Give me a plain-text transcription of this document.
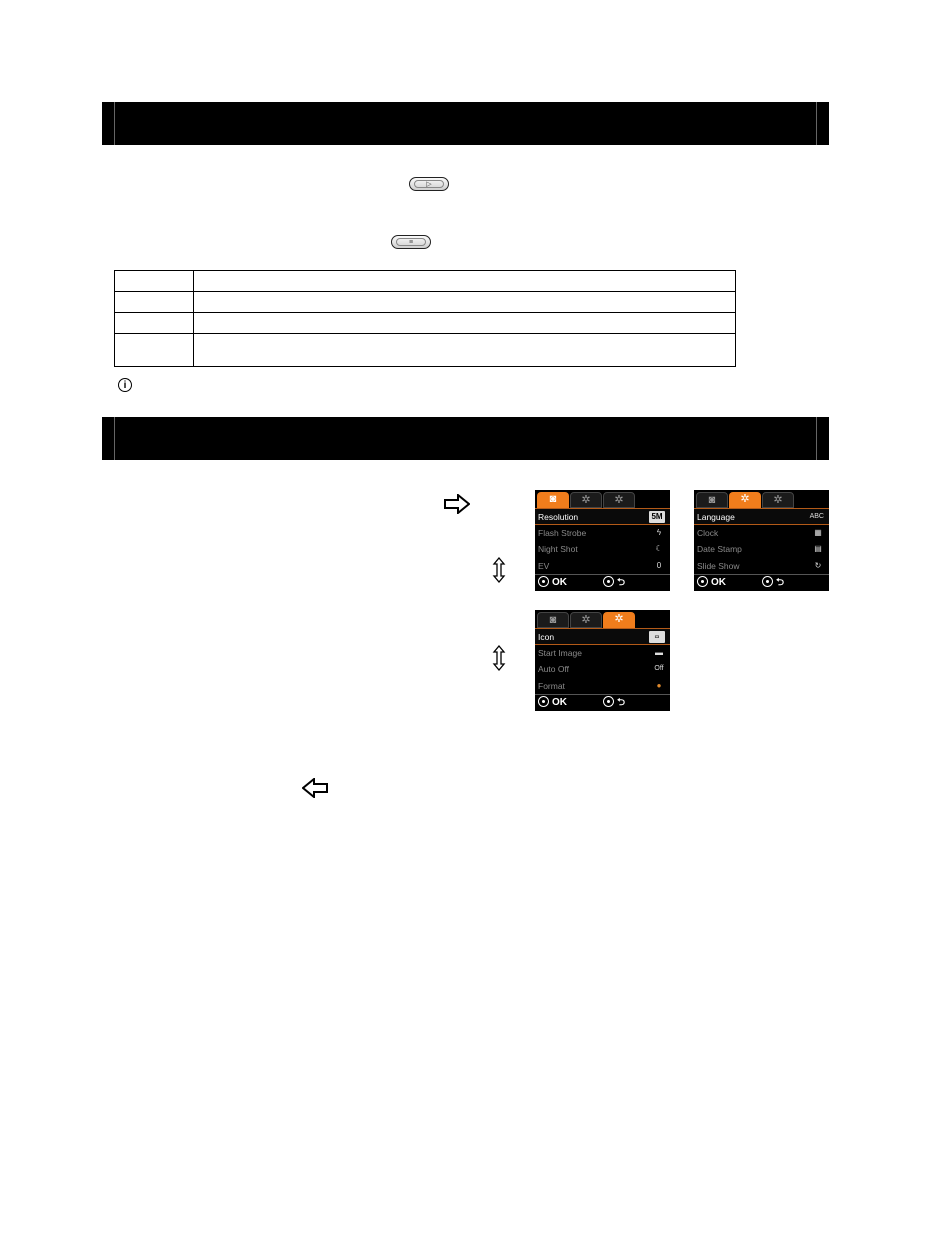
▷
≡

i
◙	✲	✲
Resolution	5M
Flash Strobe	ϟ
Night Shot	☾
EV	0
OK	⮌
◙	✲	✲
Language	ABC
Clock	▦
Date Stamp	▤
Slide Show	↻
OK	⮌
◙	✲	✲
Icon	▭
Start Image	▬
Auto Off	Off
Format	●
OK	⮌
